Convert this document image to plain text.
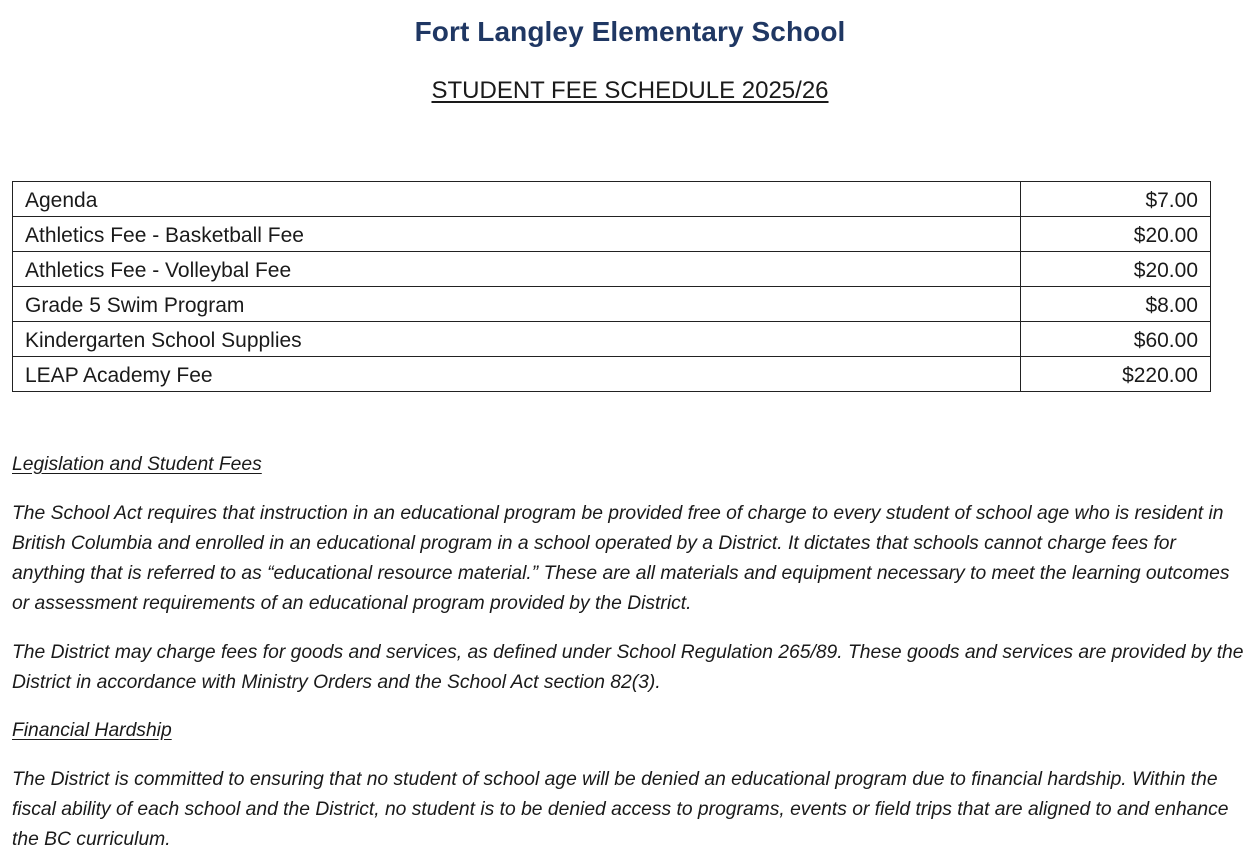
Fort Langley Elementary School
STUDENT FEE SCHEDULE 2025/26
Agenda	$7.00
Athletics Fee - Basketball Fee	$20.00
Athletics Fee - Volleybal Fee	$20.00
Grade 5 Swim Program	$8.00
Kindergarten School Supplies	$60.00
LEAP Academy Fee	$220.00
Legislation and Student Fees
The School Act requires that instruction in an educational program be provided free of charge to every student of school age who is resident in British Columbia and enrolled in an educational program in a school operated by a District. It dictates that schools cannot charge fees for anything that is referred to as “educational resource material.” These are all materials and equipment necessary to meet the learning outcomes or assessment requirements of an educational program provided by the District.
The District may charge fees for goods and services, as defined under School Regulation 265/89. These goods and services are provided by the District in accordance with Ministry Orders and the School Act section 82(3).
Financial Hardship
The District is committed to ensuring that no student of school age will be denied an educational program due to financial hardship. Within the fiscal ability of each school and the District, no student is to be denied access to programs, events or field trips that are aligned to and enhance the BC curriculum.
